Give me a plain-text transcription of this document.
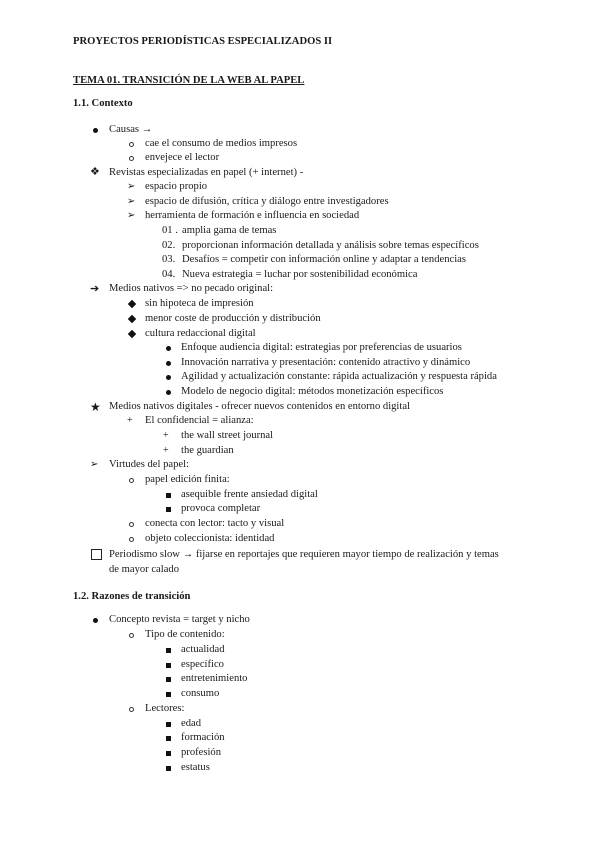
PROYECTOS PERIODÍSTICAS ESPECIALIZADOS II
TEMA 01. TRANSICIÓN DE LA WEB AL PAPEL
1.1. Contexto
Causas →
cae el consumo de medios impresos
envejece el lector
❖ Revistas especializadas en papel (+ internet) -
➢ espacio propio
➢ espacio de difusión, crítica y diálogo entre investigadores
➢ herramienta de formación e influencia en sociedad
01 . amplia gama de temas
02. proporcionan información detallada y análisis sobre temas específicos
03. Desafíos = competir con información online y adaptar a tendencias
04. Nueva estrategia = luchar por sostenibilidad económica
➔ Medios nativos => no pecado original:
sin hipoteca de impresión
menor coste de producción y distribución
cultura redaccional digital
Enfoque audiencia digital: estrategias por preferencias de usuarios
Innovación narrativa y presentación: contenido atractivo y dinámico
Agilidad y actualización constante: rápida actualización y respuesta rápida
Modelo de negocio digital: métodos monetización específicos
★ Medios nativos digitales - ofrecer nuevos contenidos en entorno digital
+ El confidencial = alianza:
+ the wall street journal
+ the guardian
➢ Virtudes del papel:
papel edición finita:
asequible frente ansiedad digital
provoca completar
conecta con lector: tacto y visual
objeto coleccionista: identidad
Periodismo slow → fijarse en reportajes que requieren mayor tiempo de realización y temas
de mayor calado
1.2. Razones de transición
Concepto revista = target y nicho
Tipo de contenido:
actualidad
específico
entretenimiento
consumo
Lectores:
edad
formación
profesión
estatus
